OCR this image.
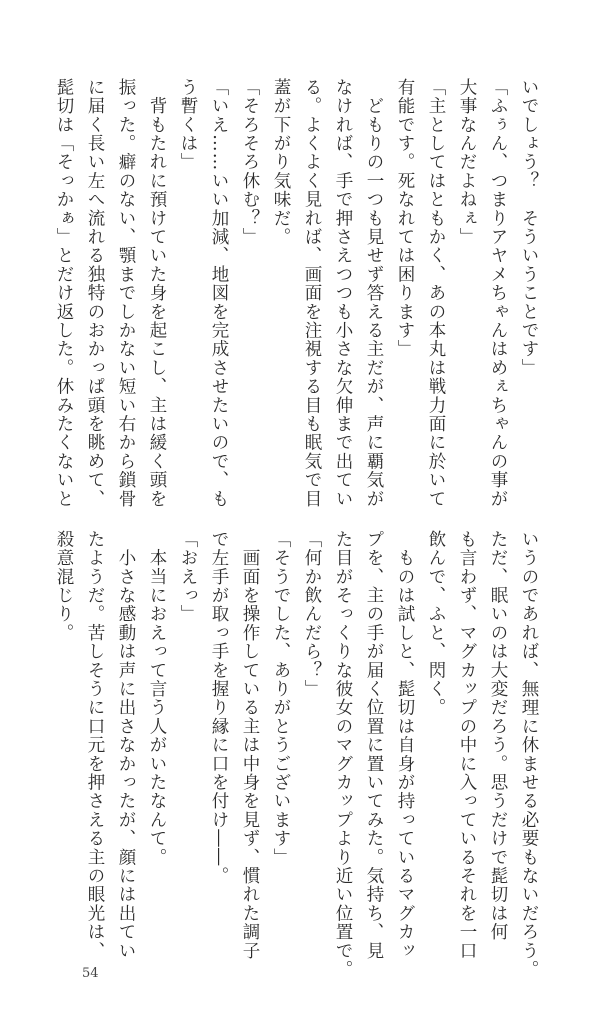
いでしょう？　そういうことです」
「ふぅん、つまりアヤメちゃんはめぇちゃんの事が
大事なんだよねぇ」
「主としてはともかく、あの本丸は戦力面に於いて
有能です。死なれては困ります」
　どもりの一つも見せず答える主だが、声に覇気が
なければ、手で押さえつつも小さな欠伸まで出てい
る。よくよく見れば、画面を注視する目も眠気で目
蓋が下がり気味だ。
「そろそろ休む？」
「いえ……いい加減、地図を完成させたいので、も
う暫くは」
　背もたれに預けていた身を起こし、主は緩く頭を
振った。癖のない、顎までしかない短い右から鎖骨
に届く長い左へ流れる独特のおかっぱ頭を眺めて、
髭切は「そっかぁ」とだけ返した。休みたくないと
いうのであれば、無理に休ませる必要もないだろう。
ただ、眠いのは大変だろう。思うだけで髭切は何
も言わず、マグカップの中に入っているそれを一口
飲んで、ふと、閃く。
　ものは試しと、髭切は自身が持っているマグカッ
プを、主の手が届く位置に置いてみた。気持ち、見
た目がそっくりな彼女のマグカップより近い位置で。
「何か飲んだら？」
「そうでした、ありがとうございます」
　画面を操作している主は中身を見ず、慣れた調子
で左手が取っ手を握り縁に口を付け――。
「おえっ」
　本当におえって言う人がいたなんて。
　小さな感動は声に出さなかったが、顔には出てい
たようだ。苦しそうに口元を押さえる主の眼光は、
殺意混じり。
54
